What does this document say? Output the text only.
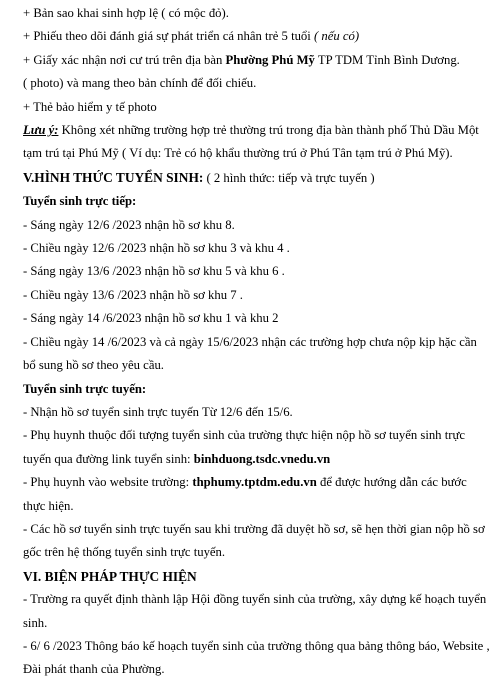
+ Bản sao khai sinh hợp lệ ( có mộc đỏ).
+ Phiếu theo dõi đánh giá sự phát triển cá nhân trẻ 5 tuổi ( nếu có)
+ Giấy xác nhận nơi cư trú trên địa bàn Phường Phú Mỹ TP TDM Tỉnh Bình Dương.
( photo) và mang theo bản chính để đối chiếu.
+ Thẻ bảo hiểm y tế photo
Lưu ý: Không xét những trường hợp trẻ thường trú trong địa bàn thành phố Thủ Dầu Một
tạm trú tại Phú Mỹ ( Ví dụ: Trẻ có hộ khẩu thường trú ở Phú Tân tạm trú ở Phú Mỹ).
V.HÌNH THỨC TUYỂN SINH: ( 2 hình thức: tiếp và trực tuyến )
Tuyển sinh trực tiếp:
- Sáng ngày 12/6 /2023 nhận hồ sơ khu 8.
- Chiều ngày 12/6 /2023 nhận hồ sơ khu 3 và khu 4 .
- Sáng ngày 13/6 /2023 nhận hồ sơ khu 5 và khu 6 .
- Chiều ngày 13/6 /2023 nhận hồ sơ khu 7 .
- Sáng ngày 14 /6/2023 nhận hồ sơ khu 1 và khu 2
- Chiều ngày 14 /6/2023 và cả ngày 15/6/2023 nhận các trường hợp chưa nộp kịp hặc cần
bổ sung hồ sơ theo yêu cầu.
Tuyển sinh trực tuyến:
- Nhận hồ sơ tuyển sinh trực tuyến Từ 12/6 đến 15/6.
- Phụ huynh thuộc đối tượng tuyển sinh của trường thực hiện nộp hồ sơ tuyển sinh trực
tuyến qua đường link tuyển sinh: binhduong.tsdc.vnedu.vn
- Phụ huynh vào website trường: thphumy.tptdm.edu.vn để được hướng dẫn các bước
thực hiện.
- Các hồ sơ tuyển sinh trực tuyến sau khi trường đã duyệt hồ sơ, sẽ hẹn thời gian nộp hồ sơ
gốc trên hệ thống tuyển sinh trực tuyến.
VI. BIỆN PHÁP THỰC HIỆN
- Trường ra quyết định thành lập Hội đồng tuyển sinh của trường, xây dựng kế hoạch tuyển
sinh.
- 6/ 6 /2023 Thông báo kế hoạch tuyển sinh của trường thông qua bảng thông báo, Website ,
Đài phát thanh của Phường.
